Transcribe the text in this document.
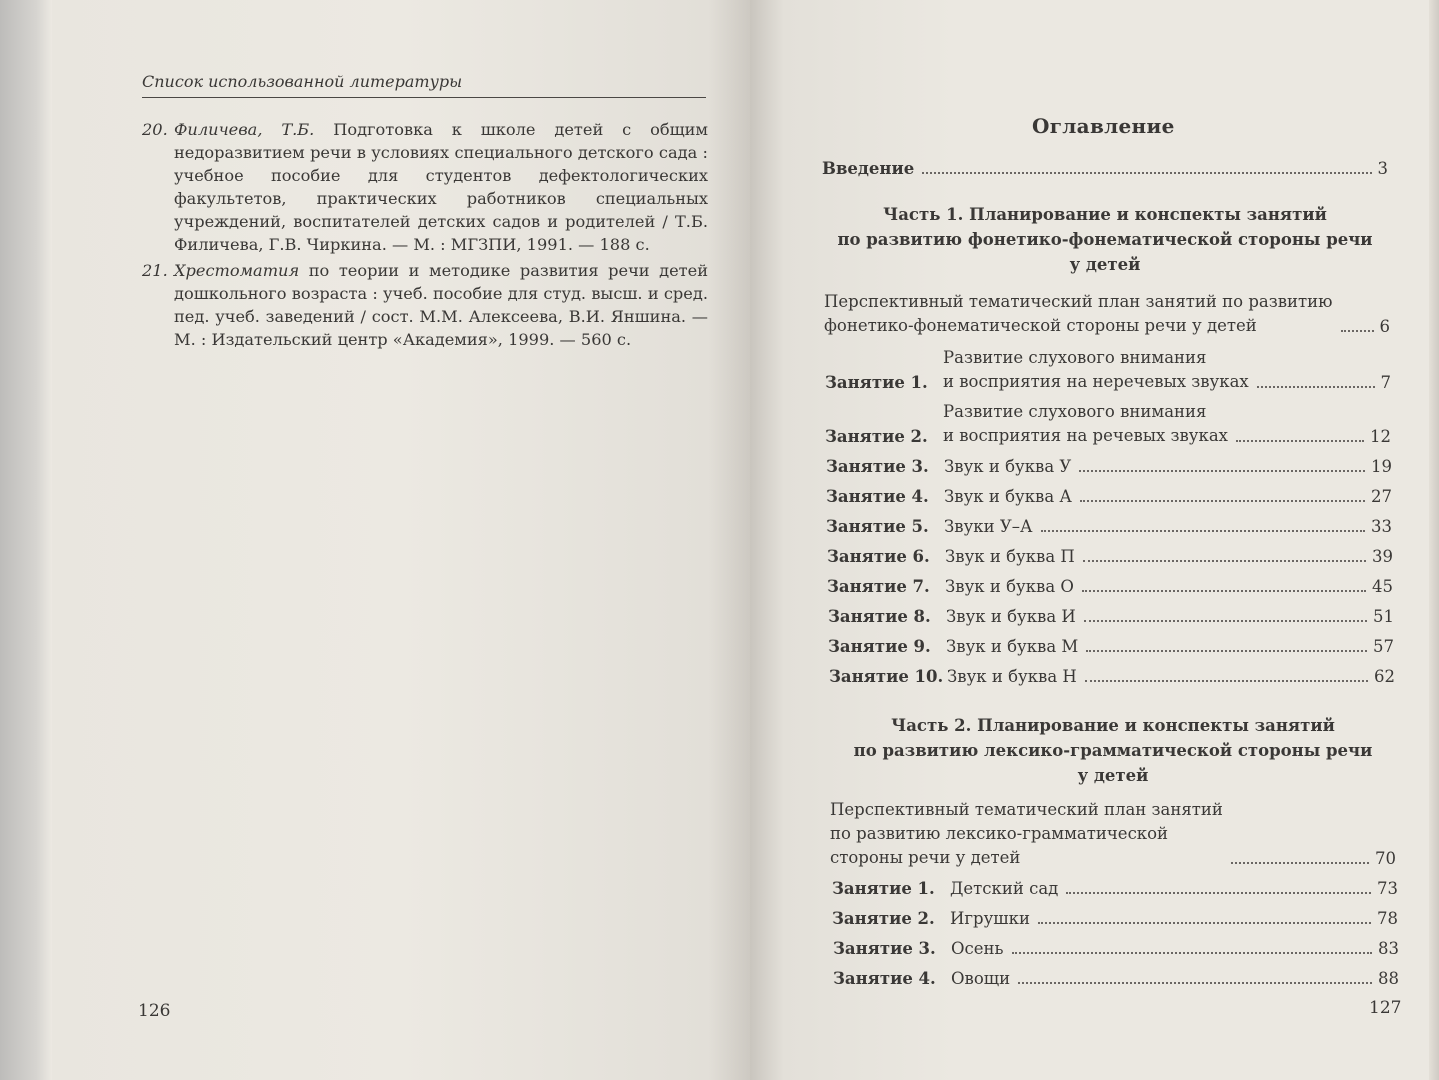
Список использованной литературы
20. Филичева, Т.Б. Подготовка к школе детей с общим недоразвитием речи в условиях специального детского сада : учебное пособие для студентов дефектологических факультетов, практических работников специальных учреждений, воспитателей детских садов и родителей / Т.Б. Филичева, Г.В. Чиркина. — М. : МГЗПИ, 1991. — 188 с.
21. Хрестоматия по теории и методике развития речи детей дошкольного возраста : учеб. пособие для студ. высш. и сред. пед. учеб. заведений / сост. М.М. Алексеева, В.И. Яншина. — М. : Издательский центр «Академия», 1999. — 560 с.
126
Оглавление
Введение	3
Часть 1. Планирование и конспекты занятий
по развитию фонетико-фонематической стороны речи
у детей
Перспективный тематический план занятий по развитию
фонетико-фонематической стороны речи у детей	6
Занятие 1.
Развитие слухового внимания
и восприятия на неречевых звуках	7
Занятие 2.
Развитие слухового внимания
и восприятия на речевых звуках	12
Занятие 3. Звук и буква У	19
Занятие 4. Звук и буква А	27
Занятие 5. Звуки У–А	33
Занятие 6. Звук и буква П	39
Занятие 7. Звук и буква О	45
Занятие 8. Звук и буква И	51
Занятие 9. Звук и буква М	57
Занятие 10. Звук и буква Н	62
Часть 2. Планирование и конспекты занятий
по развитию лексико-грамматической стороны речи
у детей
Перспективный тематический план занятий
по развитию лексико-грамматической
стороны речи у детей	70
Занятие 1. Детский сад	73
Занятие 2. Игрушки	78
Занятие 3. Осень	83
Занятие 4. Овощи	88
127
